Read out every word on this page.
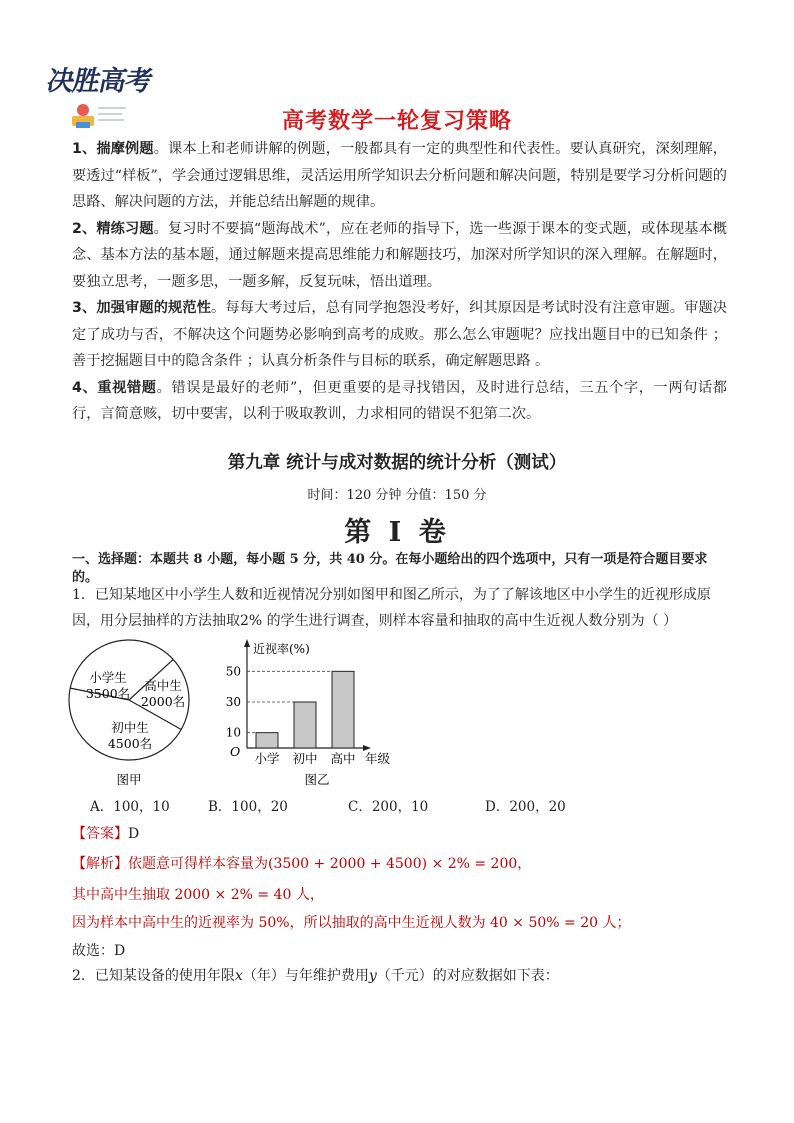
决胜高考
高考数学一轮复习策略

1、揣摩例题。课本上和老师讲解的例题，一般都具有一定的典型性和代表性。要认真研究，深刻理解，要透过“样板”，学会通过逻辑思维，灵活运用所学知识去分析问题和解决问题，特别是要学习分析问题的思路、解决问题的方法，并能总结出解题的规律。

2、精练习题。复习时不要搞“题海战术”，应在老师的指导下，选一些源于课本的变式题，或体现基本概念、基本方法的基本题，通过解题来提高思维能力和解题技巧，加深对所学知识的深入理解。在解题时，要独立思考，一题多思，一题多解，反复玩味，悟出道理。

3、加强审题的规范性。每每大考过后，总有同学抱怨没考好，纠其原因是考试时没有注意审题。审题决定了成功与否，不解决这个问题势必影响到高考的成败。那么怎么审题呢？应找出题目中的已知条件 ；善于挖掘题目中的隐含条件 ；认真分析条件与目标的联系，确定解题思路 。

4、重视错题。错误是最好的老师”，但更重要的是寻找错因，及时进行总结，三五个字，一两句话都行，言简意赅，切中要害，以利于吸取教训，力求相同的错误不犯第二次。

第九章 统计与成对数据的统计分析（测试）
时间：120 分钟 分值：150 分
第 I 卷
一、选择题：本题共 8 小题，每小题 5 分，共 40 分。在每小题给出的四个选项中，只有一项是符合题目要求的。
1．已知某地区中小学生人数和近视情况分别如图甲和图乙所示，为了了解该地区中小学生的近视形成原因，用分层抽样的方法抽取2% 的学生进行调查，则样本容量和抽取的高中生近视人数分别为（ ）
小学生
3500名
高中生
2000名
初中生
4500名
图甲
近视率(%)
年级
O
10
30
50
小学 初中 高中
图乙
A．100，10	B．100，20	C．200，10	D．200，20
【答案】D
【解析】依题意可得样本容量为(3500 + 2000 + 4500) × 2% = 200，
其中高中生抽取 2000 × 2% = 40 人，
因为样本中高中生的近视率为 50%，所以抽取的高中生近视人数为 40 × 50% = 20 人；
故选：D
2．已知某设备的使用年限x（年）与年维护费用y（千元）的对应数据如下表：
